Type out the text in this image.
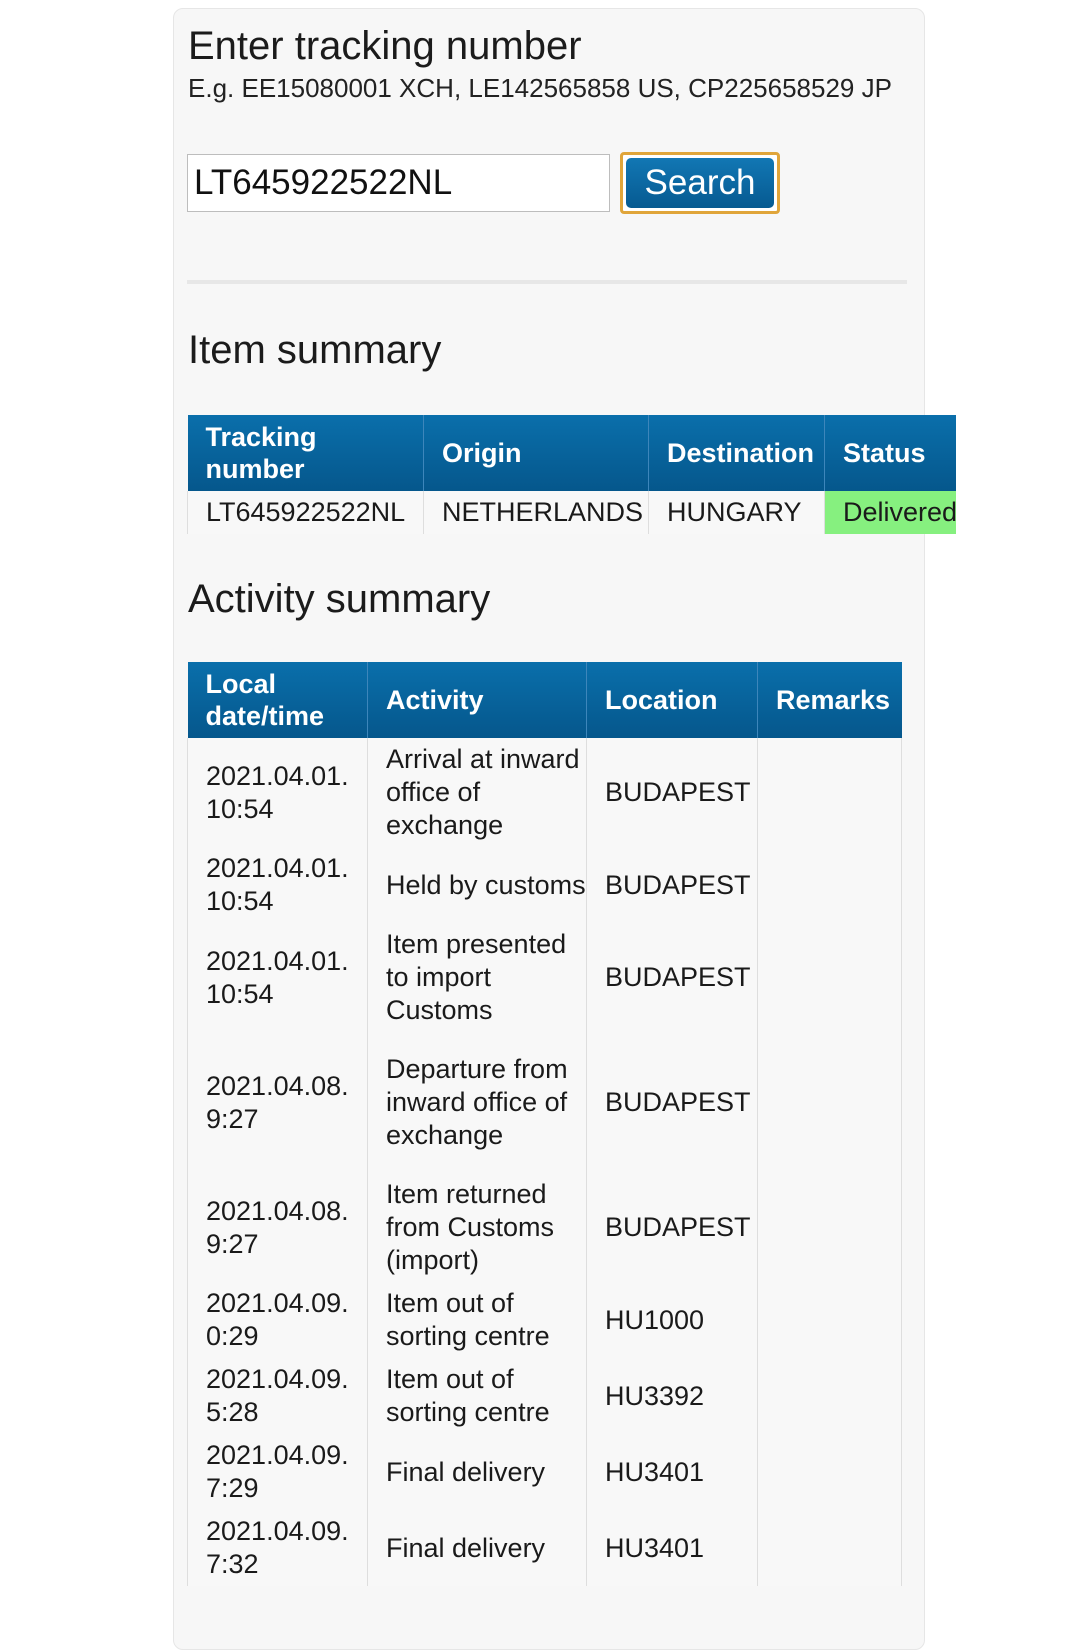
Enter tracking number
E.g. EE15080001 XCH, LE142565858 US, CP225658529 JP
LT645922522NL
Search
Item summary
Tracking number	Origin	Destination	Status
LT645922522NL	NETHERLANDS	HUNGARY	Delivered
Activity summary
Local date/time	Activity	Location	Remarks
2021.04.01. 10:54	Arrival at inward office of exchange	BUDAPEST	
2021.04.01. 10:54	Held by customs	BUDAPEST	
2021.04.01. 10:54	Item presented to import Customs	BUDAPEST	
2021.04.08. 9:27	Departure from inward office of exchange	BUDAPEST	
2021.04.08. 9:27	Item returned from Customs (import)	BUDAPEST	
2021.04.09. 0:29	Item out of sorting centre	HU1000	
2021.04.09. 5:28	Item out of sorting centre	HU3392	
2021.04.09. 7:29	Final delivery	HU3401	
2021.04.09. 7:32	Final delivery	HU3401	
